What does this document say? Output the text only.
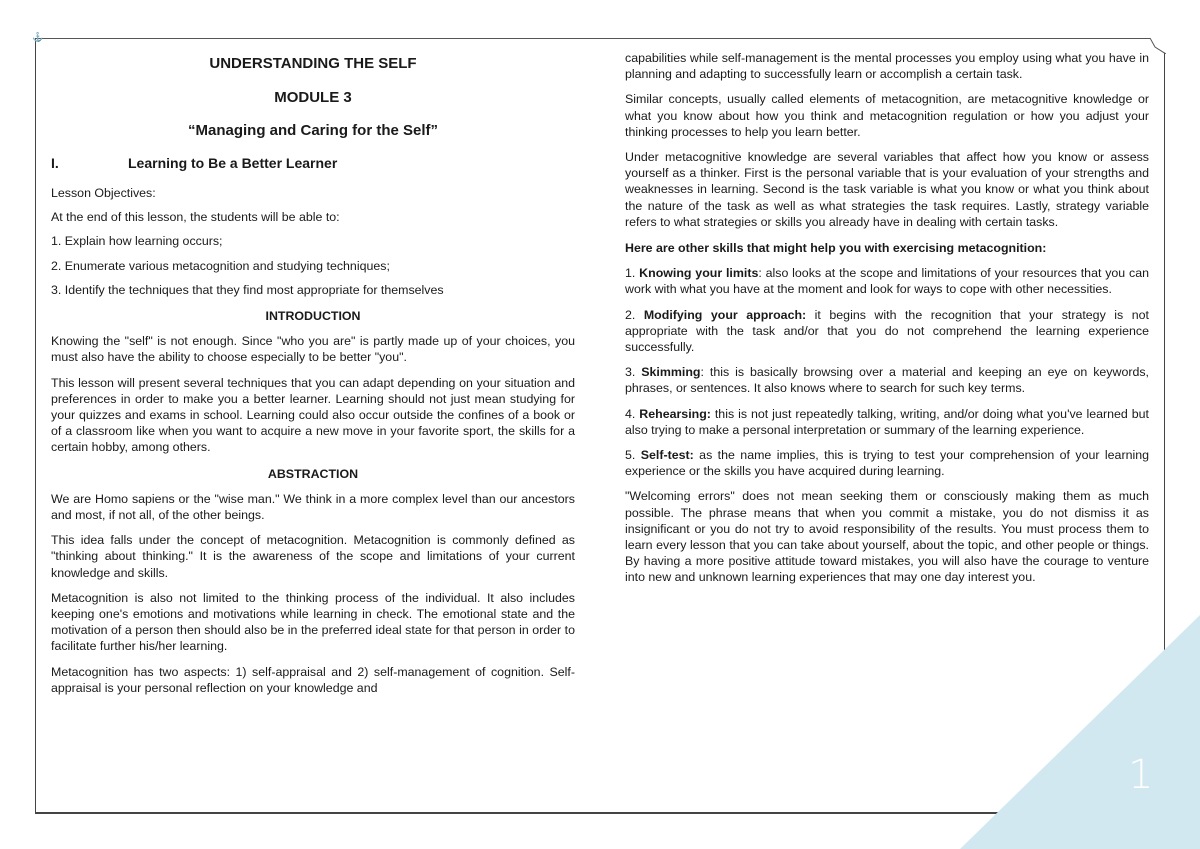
⚓
1

UNDERSTANDING THE SELF

MODULE 3

“Managing and Caring for the Self”

I.	Learning to Be a Better Learner

Lesson Objectives:

At the end of this lesson, the students will be able to:

1. Explain how learning occurs;

2. Enumerate various metacognition and studying techniques;

3. Identify the techniques that they find most appropriate for themselves

INTRODUCTION

Knowing the "self" is not enough. Since "who you are" is partly made up of your choices, you must also have the ability to choose especially to be better "you".

This lesson will present several techniques that you can adapt depending on your situation and preferences in order to make you a better learner. Learning should not just mean studying for your quizzes and exams in school. Learning could also occur outside the confines of a book or of a classroom like when you want to acquire a new move in your favorite sport, the skills for a certain hobby, among others.

ABSTRACTION

We are Homo sapiens or the "wise man." We think in a more complex level than our ancestors and most, if not all, of the other beings.

This idea falls under the concept of metacognition. Metacognition is commonly defined as "thinking about thinking." It is the awareness of the scope and limitations of your current knowledge and skills.

Metacognition is also not limited to the thinking process of the individual. It also includes keeping one's emotions and motivations while learning in check. The emotional state and the motivation of a person then should also be in the preferred ideal state for that person in order to facilitate further his/her learning.

Metacognition has two aspects: 1) self-appraisal and 2) self-management of cognition. Self-appraisal is your personal reflection on your knowledge and

capabilities while self-management is the mental processes you employ using what you have in planning and adapting to successfully learn or accomplish a certain task.

Similar concepts, usually called elements of metacognition, are metacognitive knowledge or what you know about how you think and metacognition regulation or how you adjust your thinking processes to help you learn better.

Under metacognitive knowledge are several variables that affect how you know or assess yourself as a thinker. First is the personal variable that is your evaluation of your strengths and weaknesses in learning. Second is the task variable is what you know or what you think about the nature of the task as well as what strategies the task requires. Lastly, strategy variable refers to what strategies or skills you already have in dealing with certain tasks.

Here are other skills that might help you with exercising metacognition:

1. Knowing your limits: also looks at the scope and limitations of your resources that you can work with what you have at the moment and look for ways to cope with other necessities.

2. Modifying your approach: it begins with the recognition that your strategy is not appropriate with the task and/or that you do not comprehend the learning experience successfully.

3. Skimming: this is basically browsing over a material and keeping an eye on keywords, phrases, or sentences. It also knows where to search for such key terms.

4. Rehearsing: this is not just repeatedly talking, writing, and/or doing what you've learned but also trying to make a personal interpretation or summary of the learning experience.

5. Self-test: as the name implies, this is trying to test your comprehension of your learning experience or the skills you have acquired during learning.

"Welcoming errors" does not mean seeking them or consciously making them as much possible. The phrase means that when you commit a mistake, you do not dismiss it as insignificant or you do not try to avoid responsibility of the results. You must process them to learn every lesson that you can take about yourself, about the topic, and other people or things. By having a more positive attitude toward mistakes, you will also have the courage to venture into new and unknown learning experiences that may one day interest you.
